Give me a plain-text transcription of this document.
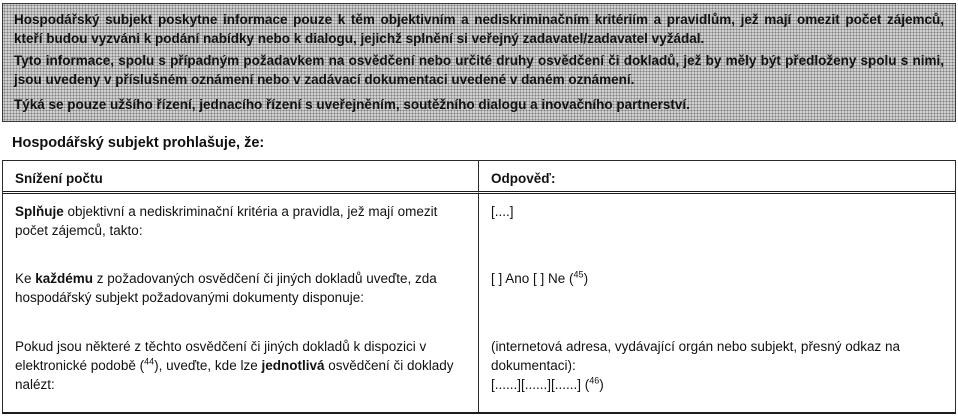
Hospodářský subjekt poskytne informace pouze k těm objektivním a nediskriminačním kritériím a pravidlům, jež mají omezit počet zájemců, kteří budou vyzváni k podání nabídky nebo k dialogu, jejichž splnění si veřejný zadavatel/zadavatel vyžádal.

Tyto informace, spolu s případným požadavkem na osvědčení nebo určité druhy osvědčení či dokladů, jež by měly být předloženy spolu s nimi, jsou uvedeny v příslušném oznámení nebo v zadávací dokumentaci uvedené v daném oznámení.

Týká se pouze užšího řízení, jednacího řízení s uveřejněním, soutěžního dialogu a inovačního partnerství.

Hospodářský subjekt prohlašuje, že:
Snížení počtu	Odpověď:

Splňuje objektivní a nediskriminační kritéria a pravidla, jež mají omezit počet zájemců, takto:

[....]

Ke každému z požadovaných osvědčení či jiných dokladů uveďte, zda hospodářský subjekt požadovanými dokumenty disponuje:

[ ] Ano [ ] Ne ($^{45}$)

Pokud jsou některé z těchto osvědčení či jiných dokladů k dispozici v elektronické podobě ($^{44}$), uveďte, kde lze jednotlivá osvědčení či doklady nalézt:

(internetová adresa, vydávající orgán nebo subjekt, přesný odkaz na dokumentaci):

[......][......][......] ($^{46}$)
